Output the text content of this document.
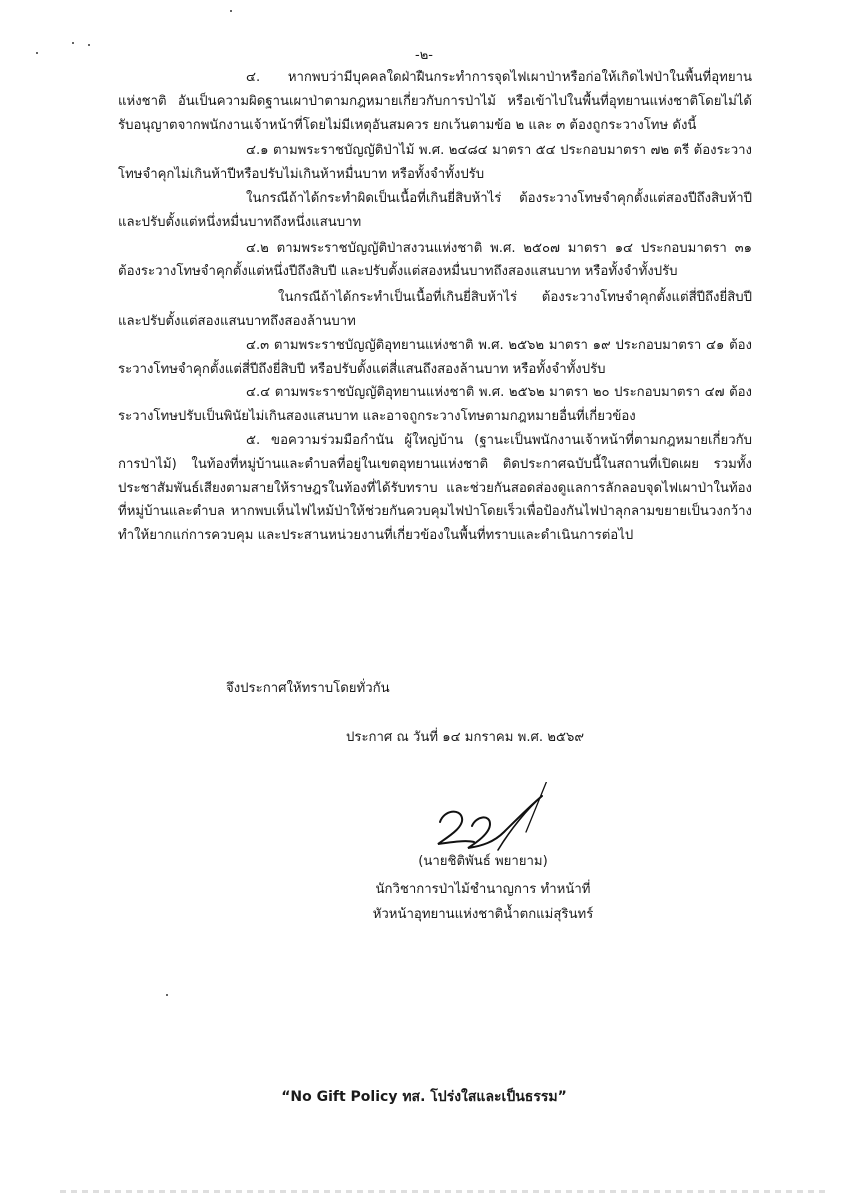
-๒-

๔. หากพบว่ามีบุคคลใดฝ่าฝืนกระทำการจุดไฟเผาป่าหรือก่อให้เกิดไฟป่าในพื้นที่อุทยานแห่งชาติ อันเป็นความผิดฐานเผาป่าตามกฎหมายเกี่ยวกับการป่าไม้ หรือเข้าไปในพื้นที่อุทยานแห่งชาติโดยไม่ได้รับอนุญาตจากพนักงานเจ้าหน้าที่โดยไม่มีเหตุอันสมควร ยกเว้นตามข้อ ๒ และ ๓ ต้องถูกระวางโทษ ดังนี้

๔.๑ ตามพระราชบัญญัติป่าไม้ พ.ศ. ๒๔๘๔ มาตรา ๕๔ ประกอบมาตรา ๗๒ ตรี ต้องระวางโทษจำคุกไม่เกินห้าปีหรือปรับไม่เกินห้าหมื่นบาท หรือทั้งจำทั้งปรับ

ในกรณีถ้าได้กระทำผิดเป็นเนื้อที่เกินยี่สิบห้าไร่ ต้องระวางโทษจำคุกตั้งแต่สองปีถึงสิบห้าปีและปรับตั้งแต่หนึ่งหมื่นบาทถึงหนึ่งแสนบาท

๔.๒ ตามพระราชบัญญัติป่าสงวนแห่งชาติ พ.ศ. ๒๕๐๗ มาตรา ๑๔ ประกอบมาตรา ๓๑ ต้องระวางโทษจำคุกตั้งแต่หนึ่งปีถึงสิบปี และปรับตั้งแต่สองหมื่นบาทถึงสองแสนบาท หรือทั้งจำทั้งปรับ

ในกรณีถ้าได้กระทำเป็นเนื้อที่เกินยี่สิบห้าไร่ ต้องระวางโทษจำคุกตั้งแต่สี่ปีถึงยี่สิบปีและปรับตั้งแต่สองแสนบาทถึงสองล้านบาท

๔.๓ ตามพระราชบัญญัติอุทยานแห่งชาติ พ.ศ. ๒๕๖๒ มาตรา ๑๙ ประกอบมาตรา ๔๑ ต้องระวางโทษจำคุกตั้งแต่สี่ปีถึงยี่สิบปี หรือปรับตั้งแต่สี่แสนถึงสองล้านบาท หรือทั้งจำทั้งปรับ

๔.๔ ตามพระราชบัญญัติอุทยานแห่งชาติ พ.ศ. ๒๕๖๒ มาตรา ๒๐ ประกอบมาตรา ๔๗ ต้องระวางโทษปรับเป็นพินัยไม่เกินสองแสนบาท และอาจถูกระวางโทษตามกฎหมายอื่นที่เกี่ยวข้อง

๕. ขอความร่วมมือกำนัน ผู้ใหญ่บ้าน (ฐานะเป็นพนักงานเจ้าหน้าที่ตามกฎหมายเกี่ยวกับการป่าไม้) ในท้องที่หมู่บ้านและตำบลที่อยู่ในเขตอุทยานแห่งชาติ ติดประกาศฉบับนี้ในสถานที่เปิดเผย รวมทั้งประชาสัมพันธ์เสียงตามสายให้ราษฎรในท้องที่ได้รับทราบ และช่วยกันสอดส่องดูแลการลักลอบจุดไฟเผาป่าในท้องที่หมู่บ้านและตำบล หากพบเห็นไฟไหม้ป่าให้ช่วยกันควบคุมไฟป่าโดยเร็วเพื่อป้องกันไฟป่าลุกลามขยายเป็นวงกว้างทำให้ยากแก่การควบคุม และประสานหน่วยงานที่เกี่ยวข้องในพื้นที่ทราบและดำเนินการต่อไป

จึงประกาศให้ทราบโดยทั่วกัน
ประกาศ ณ วันที่ ๑๔ มกราคม พ.ศ. ๒๕๖๙
(นายชิติพันธ์ พยายาม)
นักวิชาการป่าไม้ชำนาญการ ทำหน้าที่
หัวหน้าอุทยานแห่งชาติน้ำตกแม่สุรินทร์
“No Gift Policy ทส. โปร่งใสและเป็นธรรม”
